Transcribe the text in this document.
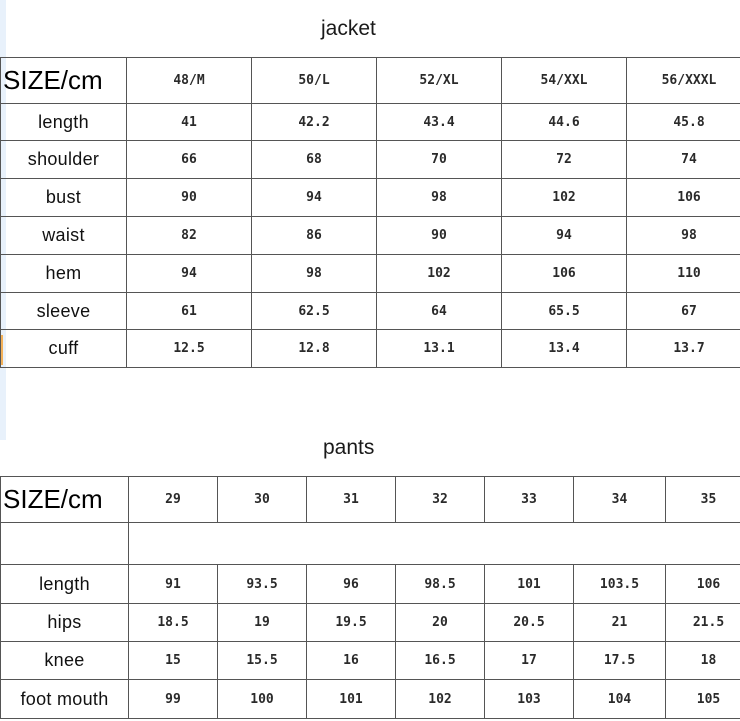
jacket
SIZE/cm	48/M	50/L	52/XL	54/XXL	56/XXXL
length	41	42.2	43.4	44.6	45.8
shoulder	66	68	70	72	74
bust	90	94	98	102	106
waist	82	86	90	94	98
hem	94	98	102	106	110
sleeve	61	62.5	64	65.5	67
cuff	12.5	12.8	13.1	13.4	13.7
pants
SIZE/cm	29	30	31	32	33	34	35

length	91	93.5	96	98.5	101	103.5	106
hips	18.5	19	19.5	20	20.5	21	21.5
knee	15	15.5	16	16.5	17	17.5	18
foot mouth	99	100	101	102	103	104	105
